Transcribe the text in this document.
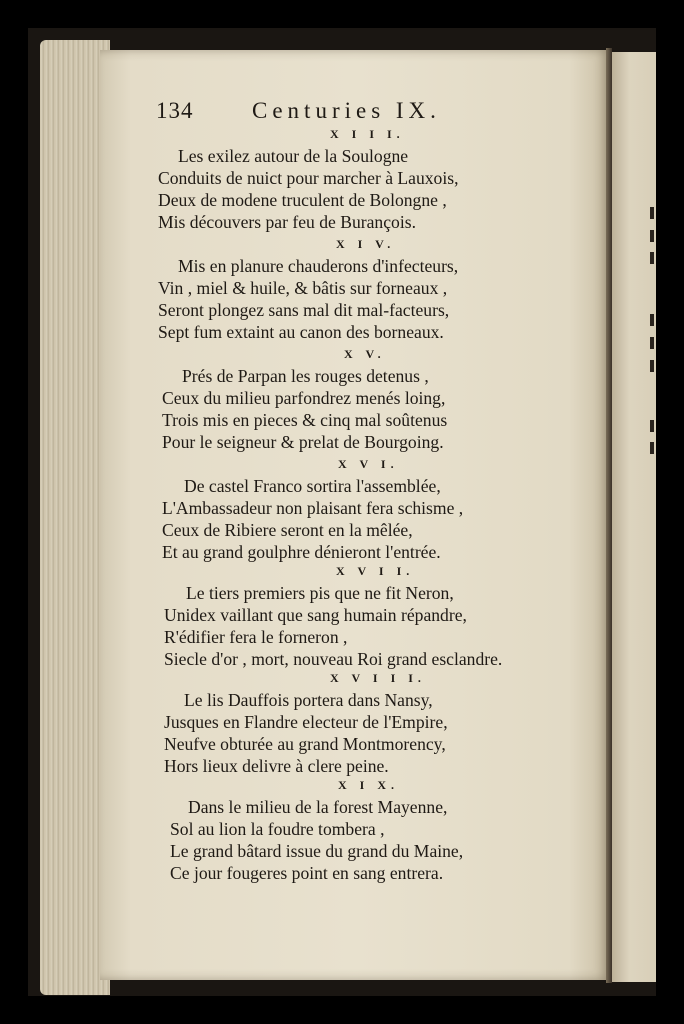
134	Centuries IX.
X I I I.
Les exilez autour de la Soulogne
Conduits de nuict pour marcher à Lauxois,
Deux de modene truculent de Bolongne ,
Mis découvers par feu de Burançois.
X I V.
Mis en planure chauderons d'infecteurs,
Vin , miel & huile, & bâtis sur forneaux ,
Seront plongez sans mal dit mal-facteurs,
Sept fum extaint au canon des borneaux.
X V.
Prés de Parpan les rouges detenus ,
Ceux du milieu parfondrez menés loing,
Trois mis en pieces & cinq mal soûtenus
Pour le seigneur & prelat de Bourgoing.
X V I.
De castel Franco sortira l'assemblée,
L'Ambassadeur non plaisant fera schisme ,
Ceux de Ribiere seront en la mêlée,
Et au grand goulphre dénieront l'entrée.
X V I I.
Le tiers premiers pis que ne fit Neron,
Unidex vaillant que sang humain répandre,
R'édifier fera le forneron ,
Siecle d'or , mort, nouveau Roi grand esclandre.
X V I I I.
Le lis Dauffois portera dans Nansy,
Jusques en Flandre electeur de l'Empire,
Neufve obturée au grand Montmorency,
Hors lieux delivre à clere peine.
X I X.
Dans le milieu de la forest Mayenne,
Sol au lion la foudre tombera ,
Le grand bâtard issue du grand du Maine,
Ce jour fougeres point en sang entrera.
